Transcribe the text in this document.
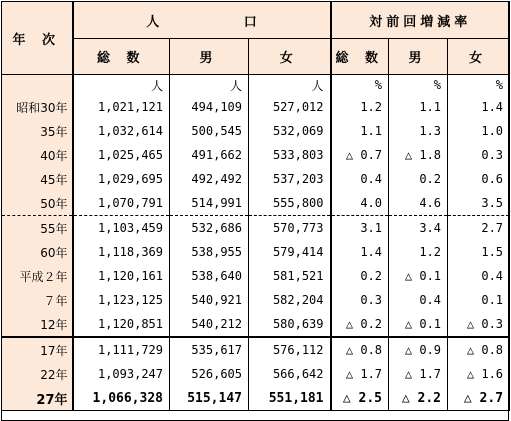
年 次	人 口			対前回増減率		
	総 数	男	女	総 数	男	女
	人	人	人	%	%	%
昭和30年	1,021,121	494,109	527,012	1.2	1.1	1.4
35年	1,032,614	500,545	532,069	1.1	1.3	1.0
40年	1,025,465	491,662	533,803	△ 0.7	△ 1.8	0.3
45年	1,029,695	492,492	537,203	0.4	0.2	0.6
50年	1,070,791	514,991	555,800	4.0	4.6	3.5
55年	1,103,459	532,686	570,773	3.1	3.4	2.7
60年	1,118,369	538,955	579,414	1.4	1.2	1.5
平成２年	1,120,161	538,640	581,521	0.2	△ 0.1	0.4
７年	1,123,125	540,921	582,204	0.3	0.4	0.1
12年	1,120,851	540,212	580,639	△ 0.2	△ 0.1	△ 0.3
17年	1,111,729	535,617	576,112	△ 0.8	△ 0.9	△ 0.8
22年	1,093,247	526,605	566,642	△ 1.7	△ 1.7	△ 1.6
27年	1,066,328	515,147	551,181	△ 2.5	△ 2.2	△ 2.7
